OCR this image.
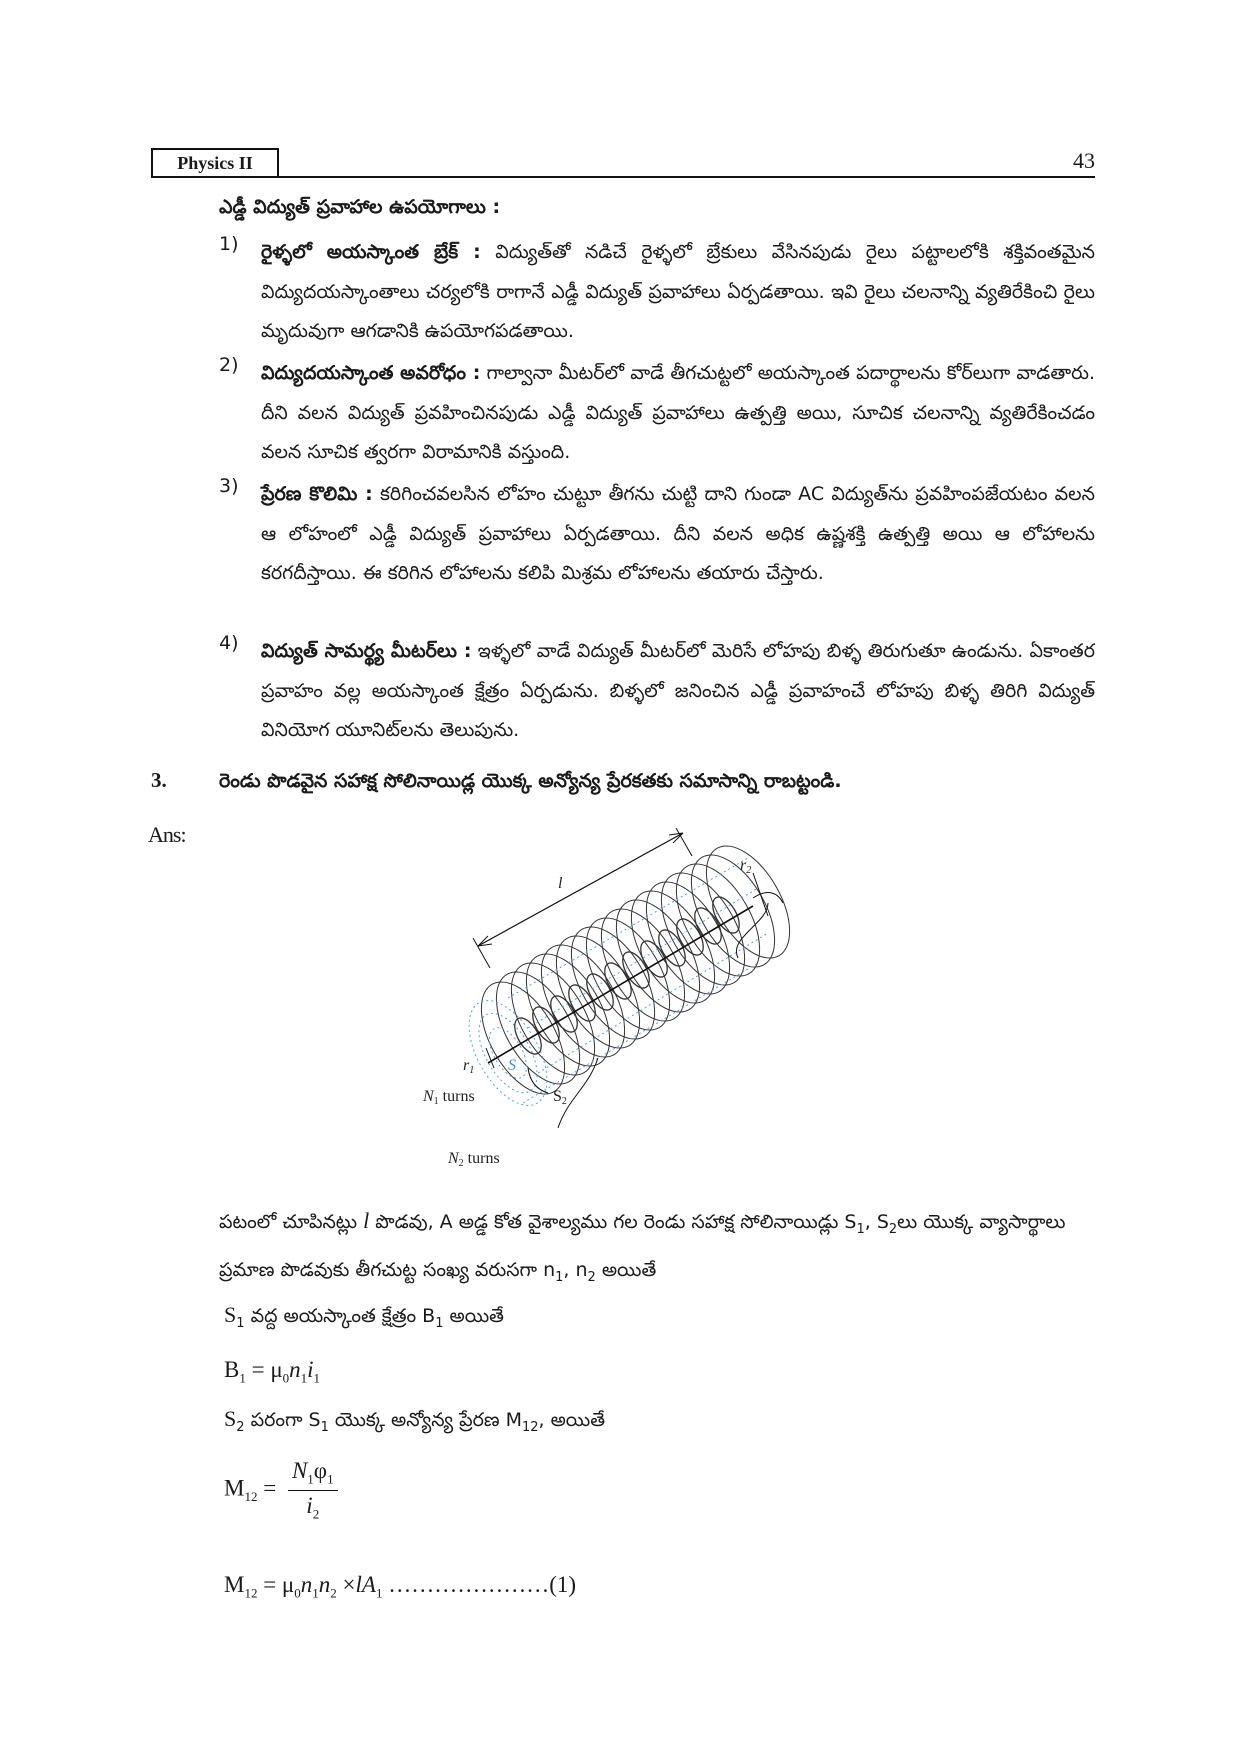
Physics II	43
ఎడ్డీ విద్యుత్ ప్రవాహాల ఉపయోగాలు :
1) రైళ్ళలో అయస్కాంత బ్రేక్ : విద్యుత్‌తో నడిచే రైళ్ళలో బ్రేకులు వేసినపుడు రైలు పట్టాలలోకి శక్తివంతమైన విద్యుదయస్కాంతాలు చర్యలోకి రాగానే ఎడ్డీ విద్యుత్ ప్రవాహాలు ఏర్పడతాయి. ఇవి రైలు చలనాన్ని వ్యతిరేకించి రైలు మృదువుగా ఆగడానికి ఉపయోగపడతాయి.
2) విద్యుదయస్కాంత అవరోధం : గాల్వానా మీటర్‌లో వాడే తీగచుట్టలో అయస్కాంత పదార్థాలను కోర్‌లుగా వాడతారు. దీని వలన విద్యుత్ ప్రవహించినపుడు ఎడ్డీ విద్యుత్ ప్రవాహాలు ఉత్పత్తి అయి, సూచిక చలనాన్ని వ్యతిరేకించడం వలన సూచిక త్వరగా విరామానికి వస్తుంది.
3) ప్రేరణ కొలిమి : కరిగించవలసిన లోహం చుట్టూ తీగను చుట్టి దాని గుండా AC విద్యుత్‌ను ప్రవహింపజేయటం వలన ఆ లోహంలో ఎడ్డీ విద్యుత్ ప్రవాహాలు ఏర్పడతాయి. దీని వలన అధిక ఉష్ణశక్తి ఉత్పత్తి అయి ఆ లోహాలను కరగదీస్తాయి. ఈ కరిగిన లోహాలను కలిపి మిశ్రమ లోహాలను తయారు చేస్తారు.
4) విద్యుత్ సామర్థ్య మీటర్‌లు : ఇళ్ళలో వాడే విద్యుత్ మీటర్‌లో మెరిసే లోహపు బిళ్ళ తిరుగుతూ ఉండును. ఏకాంతర ప్రవాహం వల్ల అయస్కాంత క్షేత్రం ఏర్పడును. బిళ్ళలో జనించిన ఎడ్డీ ప్రవాహంచే లోహపు బిళ్ళ తిరిగి విద్యుత్ వినియోగ యూనిట్‌లను తెలుపును.
3.	రెండు పొడవైన సహాక్ష సోలినాయిడ్ల యొక్క అన్యోన్య ప్రేరకతకు సమాసాన్ని రాబట్టండి.
Ans:
l
r2
r1 S
N1 turns	S2
N2 turns
పటంలో చూపినట్లు l పొడవు, A అడ్డ కోత వైశాల్యము గల రెండు సహాక్ష సోలినాయిడ్లు $S_1$, $S_2లు$ యొక్క వ్యాసార్థాలు ప్రమాణ పొడవుకు తీగచుట్ట సంఖ్య వరుసగా $n_1$, $n_2$ అయితే
$S_1$ వద్ద అయస్కాంత క్షేత్రం $B_1$ అయితే
$B_1 = \mu_0n_1i_1$
$S_2$ పరంగా $S_1$ యొక్క అన్యోన్య ప్రేరణ $M_{12}$, అయితే
$M_{12} = \frac{N_1\varphi_1}{i_2}$
$M_{12} = \mu_0n_1n_2 \times lA_1$ …………………(1)
